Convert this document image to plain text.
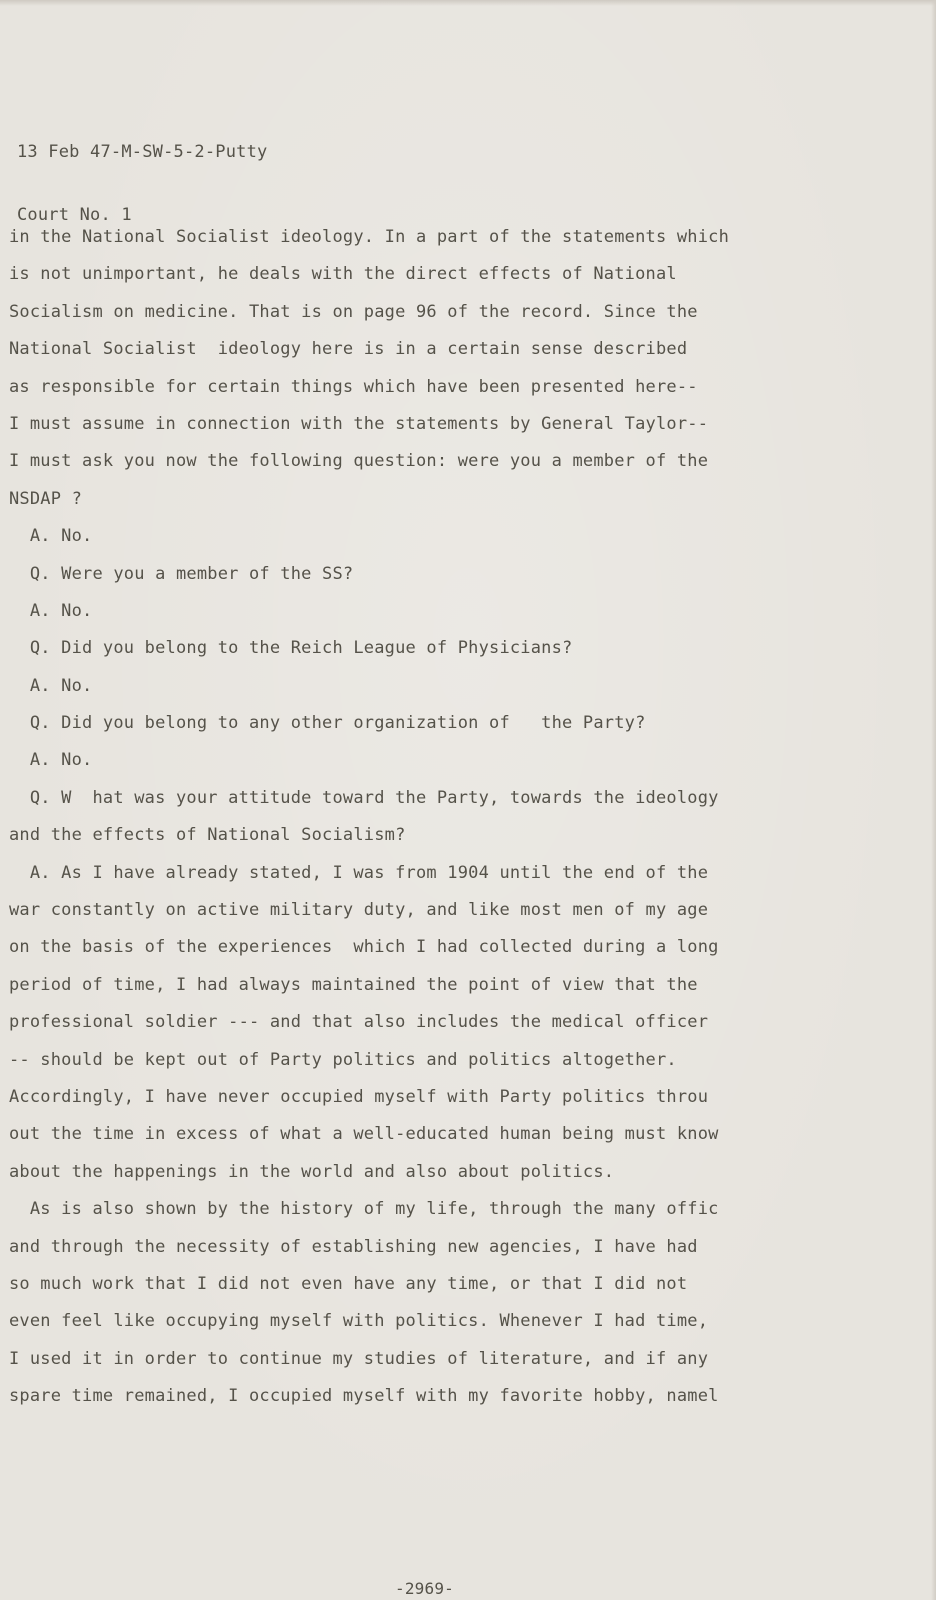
13 Feb 47-M-SW-5-2-Putty

Court No. 1

in the National Socialist ideology. In a part of the statements which
is not unimportant, he deals with the direct effects of National
Socialism on medicine. That is on page 96 of the record. Since the
National Socialist  ideology here is in a certain sense described
as responsible for certain things which have been presented here--
I must assume in connection with the statements by General Taylor--
I must ask you now the following question: were you a member of the
NSDAP ?
A. No.
Q. Were you a member of the SS?
A. No.
Q. Did you belong to the Reich League of Physicians?
A. No.
Q. Did you belong to any other organization of   the Party?
A. No.
Q. W  hat was your attitude toward the Party, towards the ideology
and the effects of National Socialism?
A. As I have already stated, I was from 1904 until the end of the
war constantly on active military duty, and like most men of my age
on the basis of the experiences  which I had collected during a long
period of time, I had always maintained the point of view that the
professional soldier --- and that also includes the medical officer
-- should be kept out of Party politics and politics altogether.
Accordingly, I have never occupied myself with Party politics throu
out the time in excess of what a well-educated human being must know
about the happenings in the world and also about politics.
As is also shown by the history of my life, through the many offic
and through the necessity of establishing new agencies, I have had
so much work that I did not even have any time, or that I did not
even feel like occupying myself with politics. Whenever I had time,
I used it in order to continue my studies of literature, and if any
spare time remained, I occupied myself with my favorite hobby, namel
-2969-
